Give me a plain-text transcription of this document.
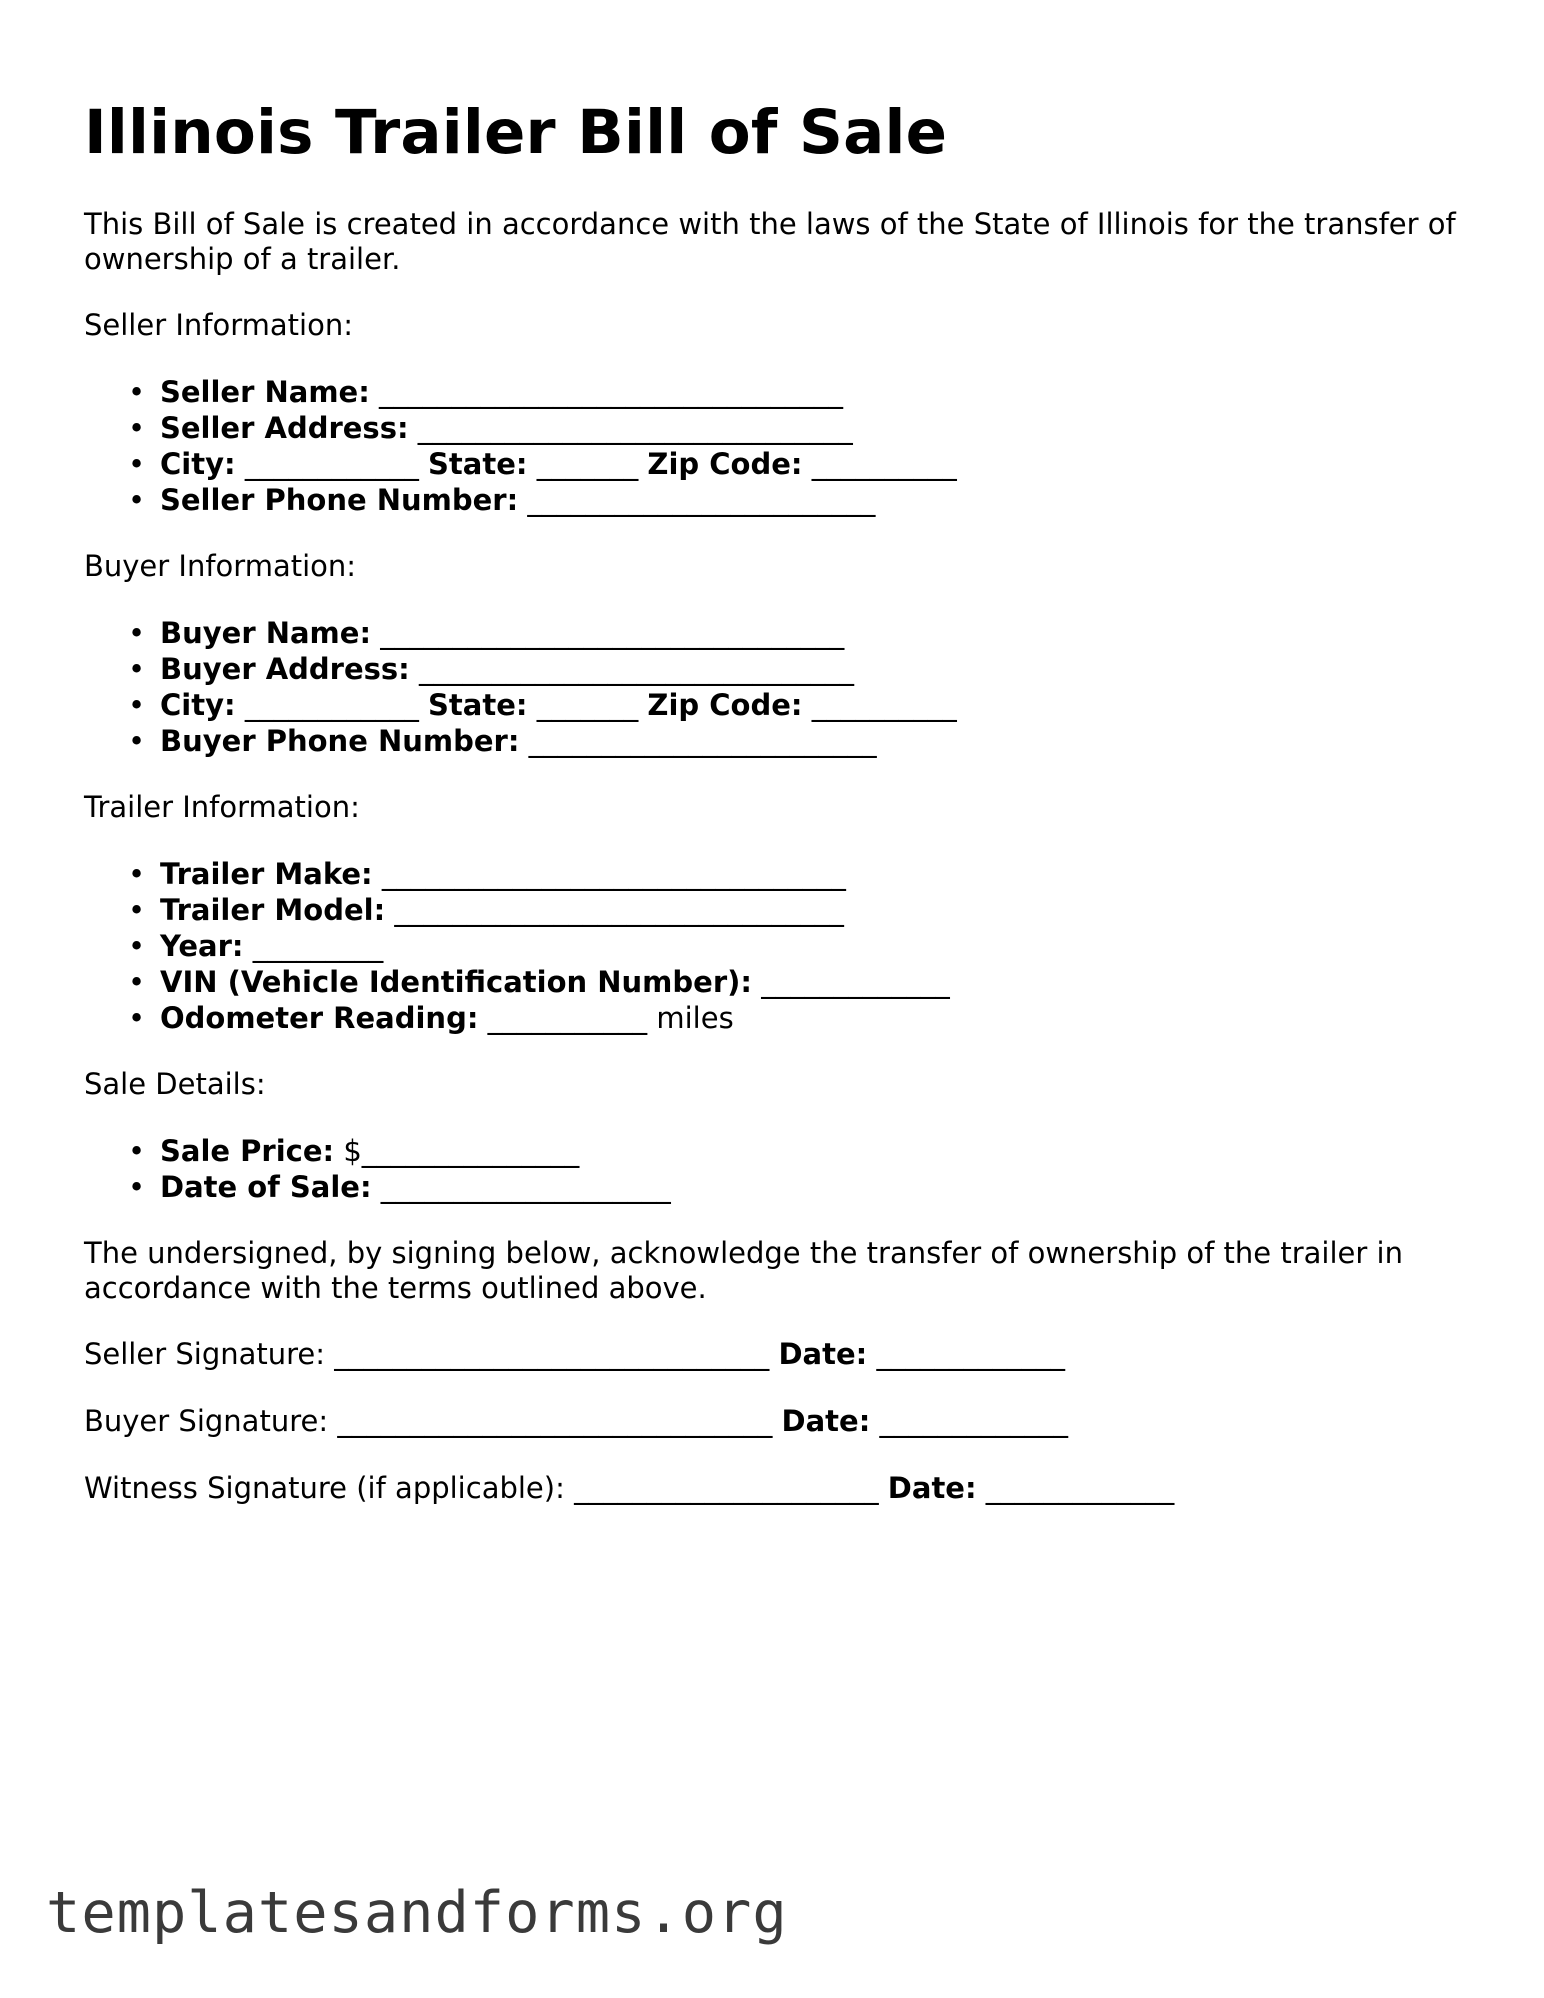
Illinois Trailer Bill of Sale

This Bill of Sale is created in accordance with the laws of the State of Illinois for the transfer of ownership of a trailer.

Seller Information:

• Seller Name: ________________________________
• Seller Address: ______________________________
• City: ____________ State: _______ Zip Code: __________
• Seller Phone Number: ________________________

Buyer Information:

• Buyer Name: ________________________________
• Buyer Address: ______________________________
• City: ____________ State: _______ Zip Code: __________
• Buyer Phone Number: ________________________

Trailer Information:

• Trailer Make: ________________________________
• Trailer Model: _______________________________
• Year: _________
• VIN (Vehicle Identification Number): _____________
• Odometer Reading: ___________ miles

Sale Details:

• Sale Price: $_______________
• Date of Sale: ____________________

The undersigned, by signing below, acknowledge the transfer of ownership of the trailer in accordance with the terms outlined above.

Seller Signature: ______________________________ Date: _____________

Buyer Signature: ______________________________ Date: _____________

Witness Signature (if applicable): _____________________ Date: _____________

templatesandforms.org
